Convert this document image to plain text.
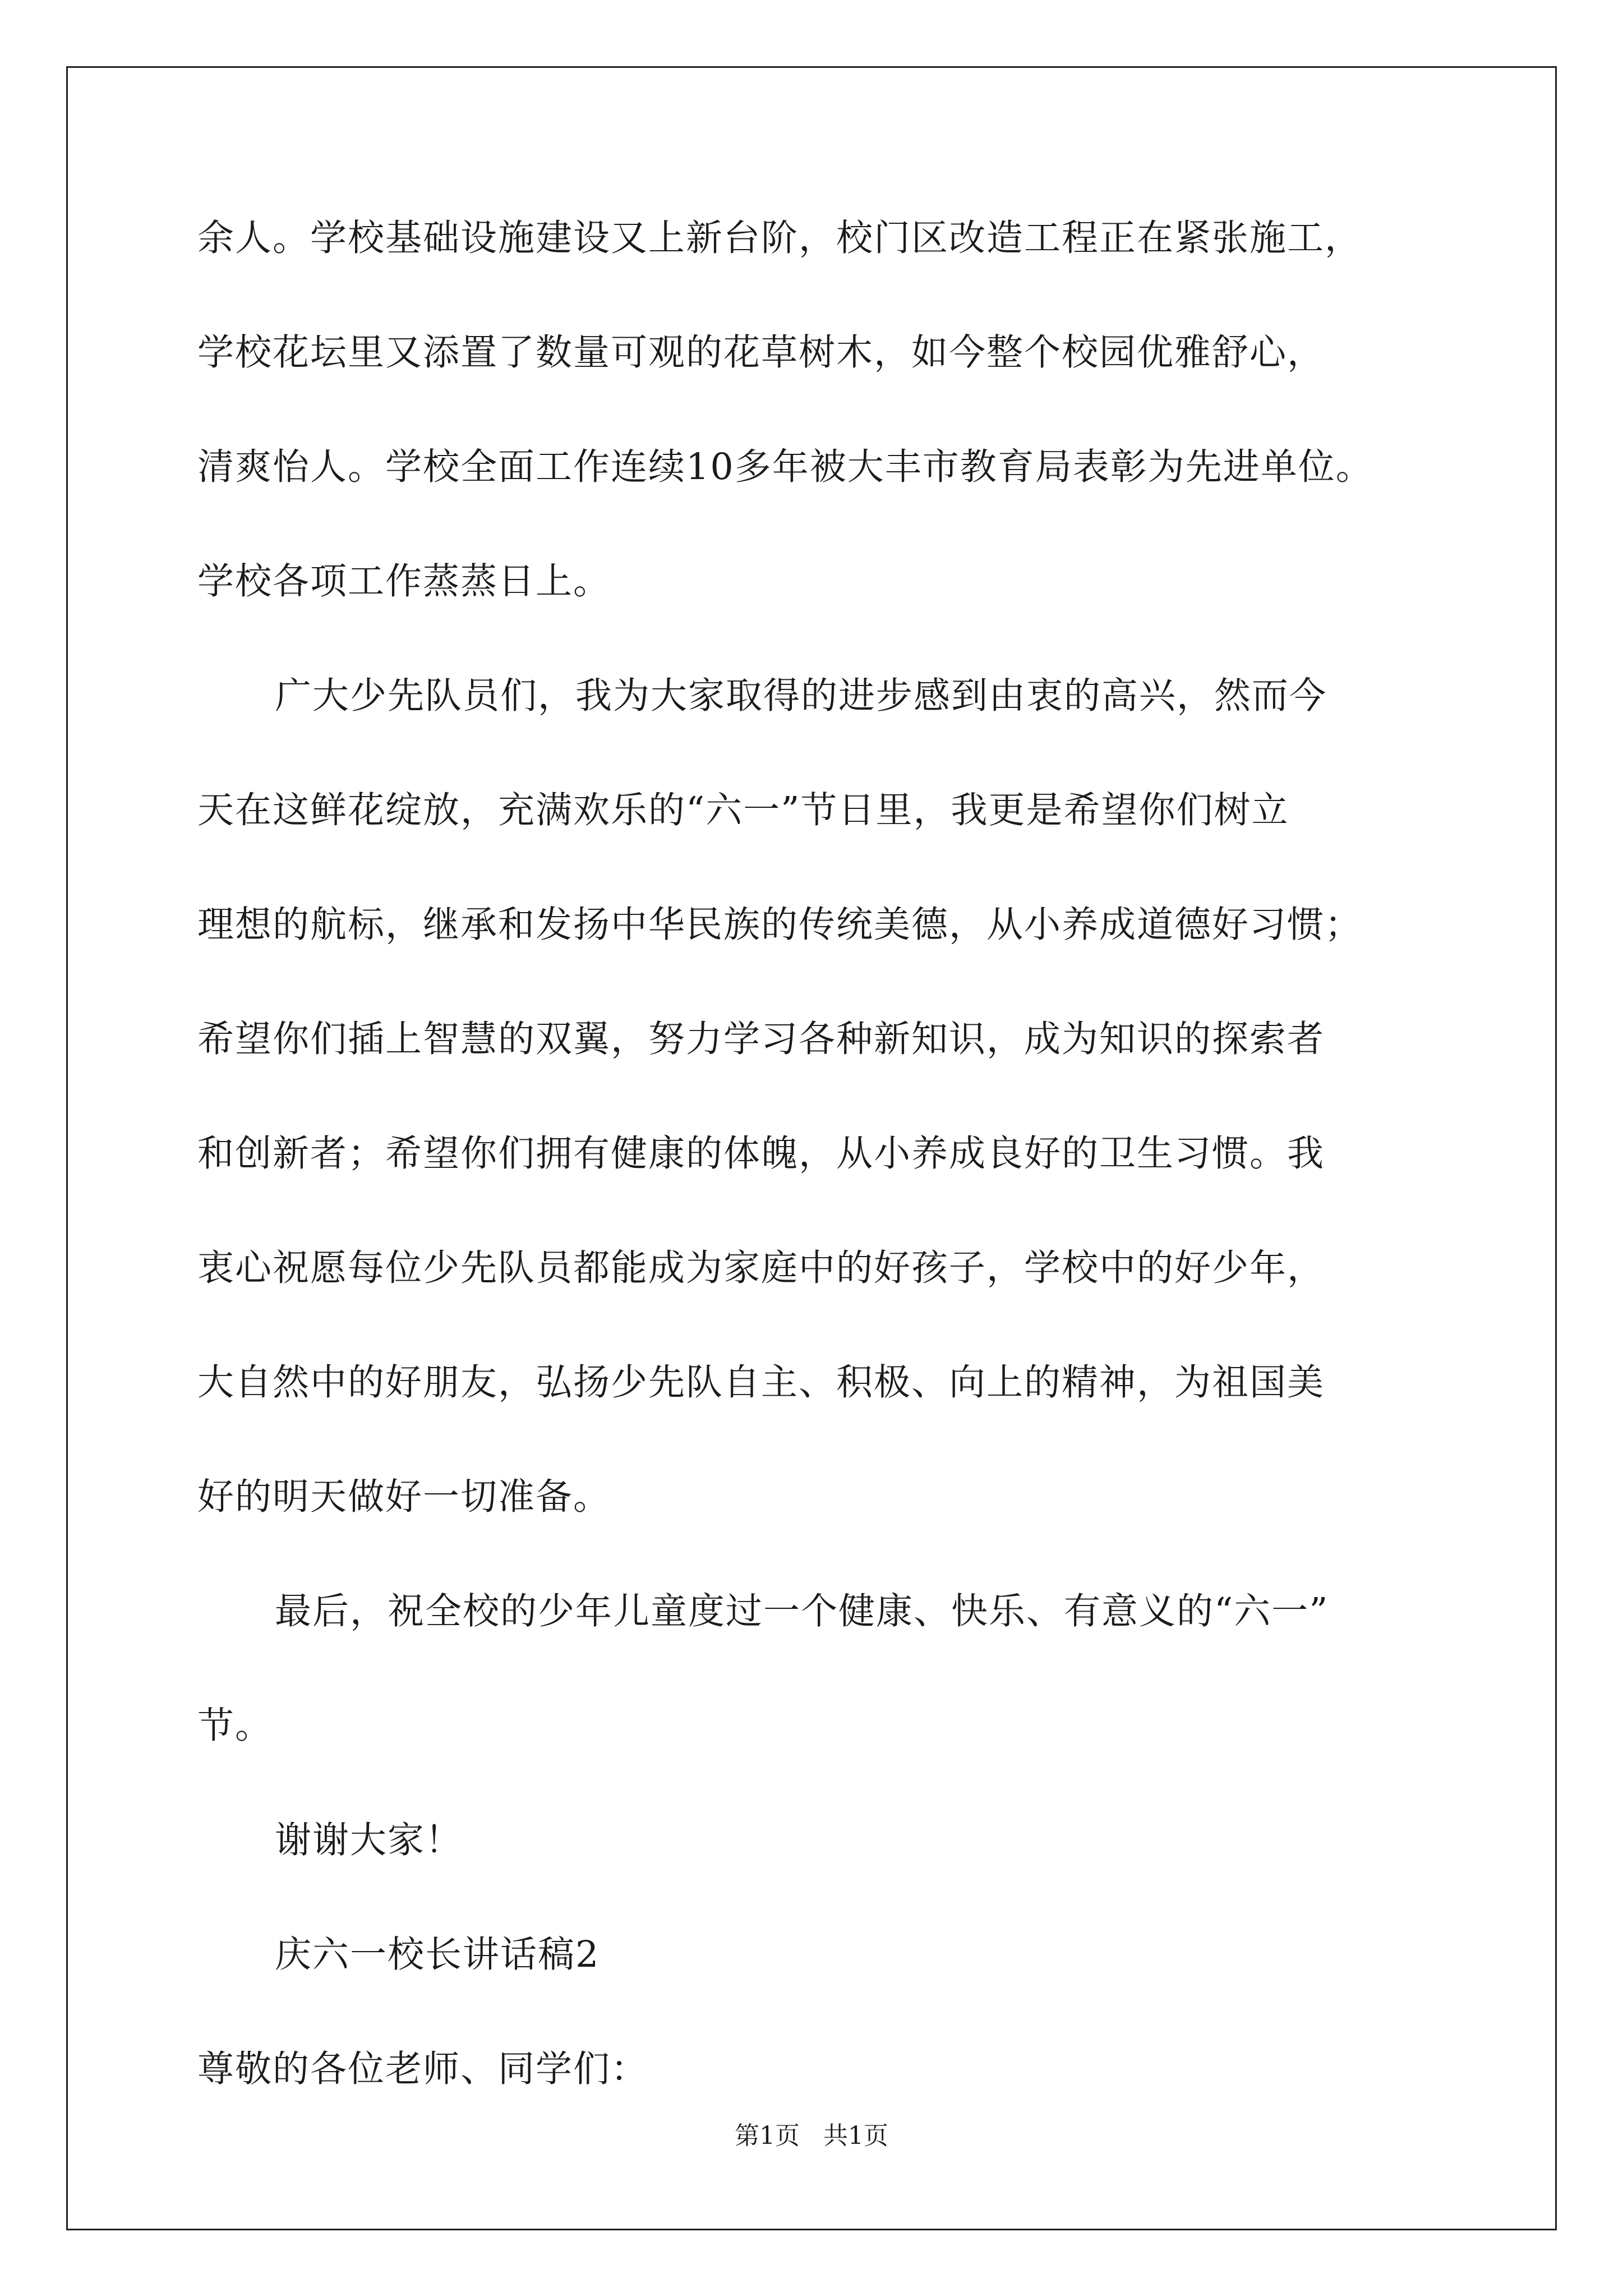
余人。学校基础设施建设又上新台阶，校门区改造工程正在紧张施工，
学校花坛里又添置了数量可观的花草树木，如今整个校园优雅舒心，
清爽怡人。学校全面工作连续10多年被大丰市教育局表彰为先进单位。
学校各项工作蒸蒸日上。
广大少先队员们，我为大家取得的进步感到由衷的高兴，然而今
天在这鲜花绽放，充满欢乐的“六一”节日里，我更是希望你们树立
理想的航标，继承和发扬中华民族的传统美德，从小养成道德好习惯；
希望你们插上智慧的双翼，努力学习各种新知识，成为知识的探索者
和创新者；希望你们拥有健康的体魄，从小养成良好的卫生习惯。我
衷心祝愿每位少先队员都能成为家庭中的好孩子，学校中的好少年，
大自然中的好朋友，弘扬少先队自主、积极、向上的精神，为祖国美
好的明天做好一切准备。
最后，祝全校的少年儿童度过一个健康、快乐、有意义的“六一”
节。
谢谢大家！
庆六一校长讲话稿2
尊敬的各位老师、同学们：
第1页   共1页
